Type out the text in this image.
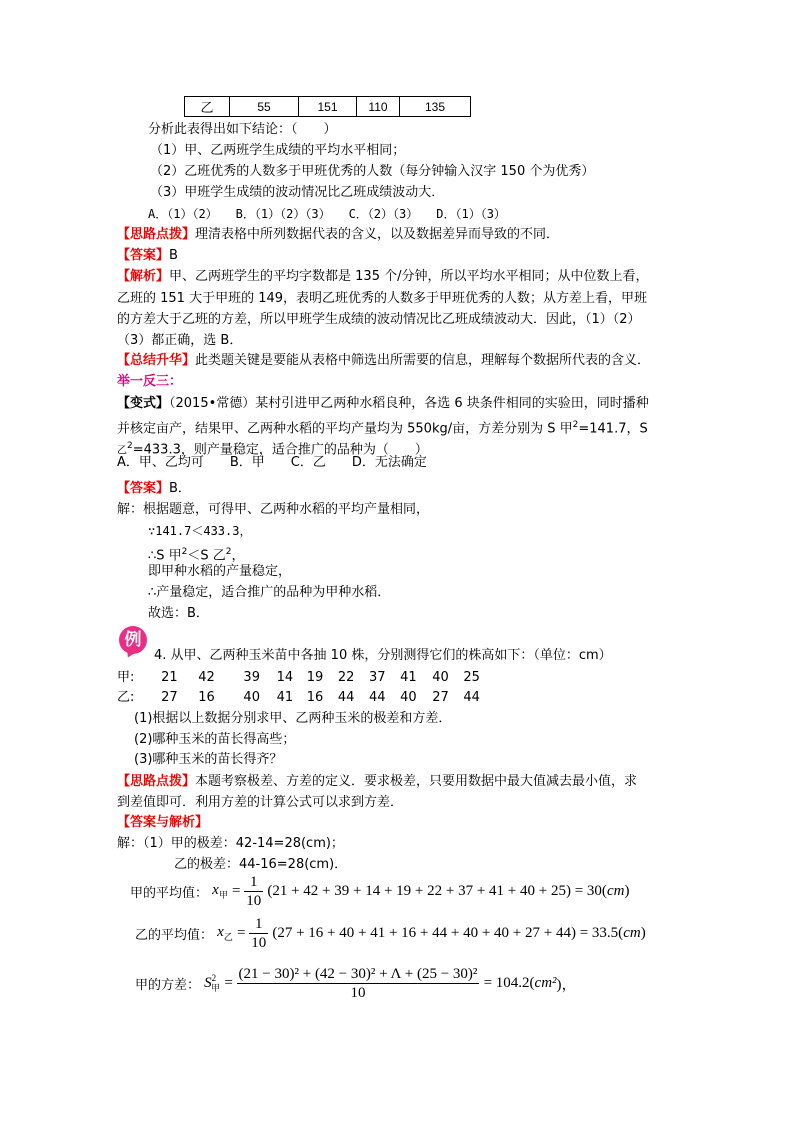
乙	55	151	110	135
分析此表得出如下结论：（　　）
（1）甲、乙两班学生成绩的平均水平相同；
（2）乙班优秀的人数多于甲班优秀的人数（每分钟输入汉字 150 个为优秀）
（3）甲班学生成绩的波动情况比乙班成绩波动大．
A．（1）（2）　　B．（1）（2）（3）　　C．（2）（3）　　D．（1）（3）
【思路点拨】理清表格中所列数据代表的含义，以及数据差异而导致的不同．
【答案】B
【解析】甲、乙两班学生的平均字数都是 135 个/分钟，所以平均水平相同；从中位数上看，
乙班的 151 大于甲班的 149，表明乙班优秀的人数多于甲班优秀的人数；从方差上看，甲班
的方差大于乙班的方差，所以甲班学生成绩的波动情况比乙班成绩波动大．因此，（1）（2）
（3）都正确，选 B．
【总结升华】此类题关键是要能从表格中筛选出所需要的信息，理解每个数据所代表的含义．
举一反三：
【变式】（2015•常德）某村引进甲乙两种水稻良种，各选 6 块条件相同的实验田，同时播种
并核定亩产，结果甲、乙两种水稻的平均产量均为 550kg/亩，方差分别为 S 甲$^2$=141.7，S
乙$^2$=433.3，则产量稳定，适合推广的品种为（　　）
A．甲、乙均可　　B．甲　　C．乙　　D．无法确定
【答案】B．
解：根据题意，可得甲、乙两种水稻的平均产量相同，
∵141.7＜433.3，
∴S 甲$^2$＜S 乙$^2$，
即甲种水稻的产量稳定，
∴产量稳定，适合推广的品种为甲种水稻．
故选：B．
例
4. 从甲、乙两种玉米苗中各抽 10 株，分别测得它们的株高如下：（单位：cm）
甲: 21 42 39 14 19 22 37 41 40 25
乙: 27 16 40 41 16 44 44 40 27 44
(1)根据以上数据分别求甲、乙两种玉米的极差和方差．
(2)哪种玉米的苗长得高些；
(3)哪种玉米的苗长得齐？
【思路点拨】本题考察极差、方差的定义．要求极差，只要用数据中最大值减去最小值，求
到差值即可．利用方差的计算公式可以求到方差．
【答案与解析】
解：（1）甲的极差：42-14=28(cm)；
乙的极差：44-16=28(cm)．
甲的平均值： $x_甲 = \frac{1}{10} (21 + 42 + 39 + 14 + 19 + 22 + 37 + 41 + 40 + 25) = 30(cm)$
乙的平均值： $x_乙 = \frac{1}{10} (27 + 16 + 40 + 41 + 16 + 44 + 40 + 40 + 27 + 44) = 33.5(cm)$
甲的方差： $S^2_甲 = \frac{\text{(21 − 30)² + (42 − 30)² + Λ + (25 − 30)²}}{10} = 104.2(cm^2)$，
